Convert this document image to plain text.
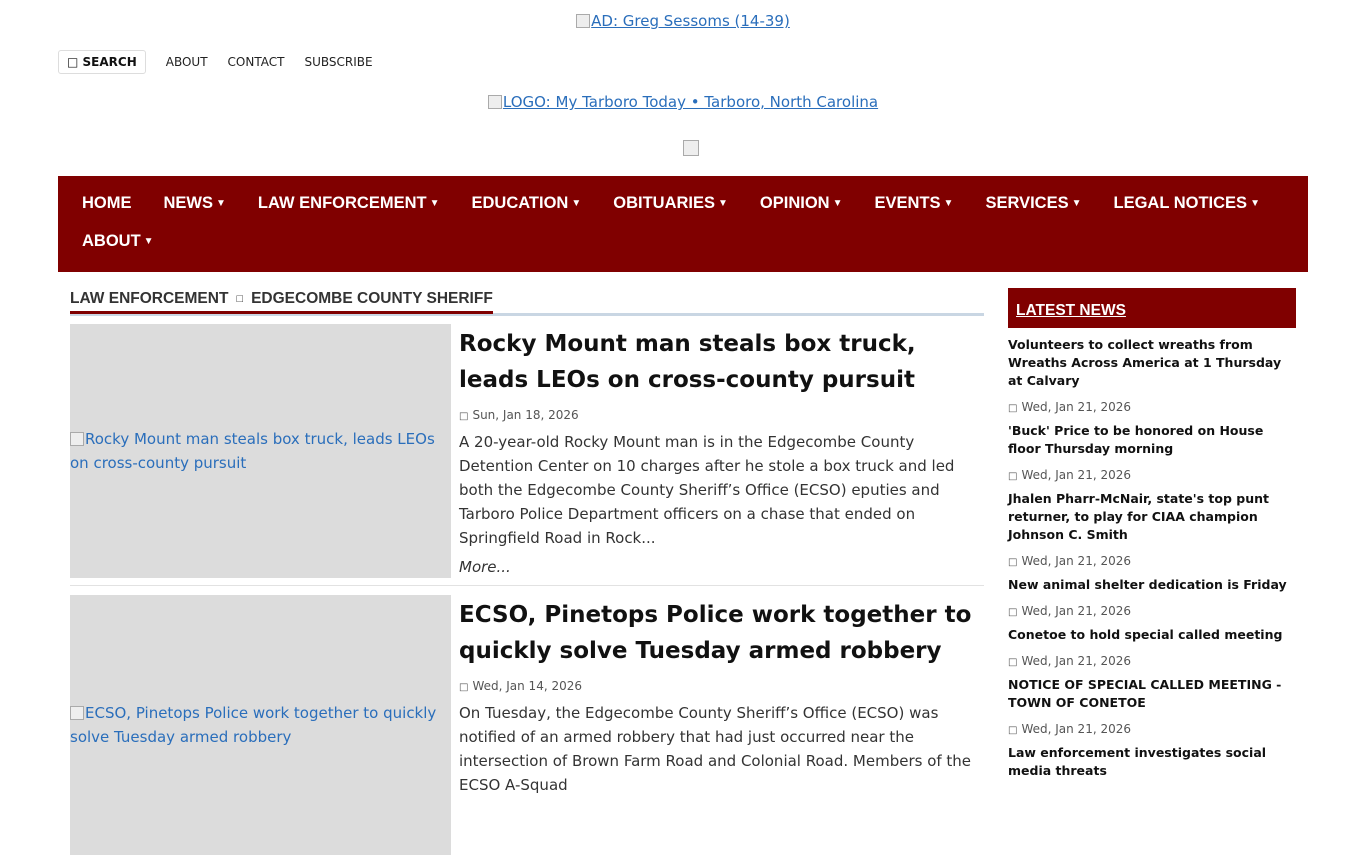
AD: Greg Sessoms (14-39)
□ SEARCH	ABOUT CONTACT SUBSCRIBE
LOGO: My Tarboro Today • Tarboro, North Carolina
HOME	NEWS ▼	LAW ENFORCEMENT ▼	EDUCATION ▼	OBITUARIES ▼	OPINION ▼	EVENTS ▼	SERVICES ▼	LEGAL NOTICES ▼
ABOUT ▼
LAW ENFORCEMENT □ EDGECOMBE COUNTY SHERIFF
Rocky Mount man steals box truck, leads LEOs on cross-county pursuit
Rocky Mount man steals box truck, leads LEOs on cross-county pursuit
□ Sun, Jan 18, 2026
A 20-year-old Rocky Mount man is in the Edgecombe County Detention Center on 10 charges after he stole a box truck and led both the Edgecombe County Sheriff’s Office (ECSO) eputies and Tarboro Police Department officers on a chase that ended on Springfield Road in Rock...
More...
ECSO, Pinetops Police work together to quickly solve Tuesday armed robbery
ECSO, Pinetops Police work together to quickly solve Tuesday armed robbery
□ Wed, Jan 14, 2026
On Tuesday, the Edgecombe County Sheriff’s Office (ECSO) was notified of an armed robbery that had just occurred near the intersection of Brown Farm Road and Colonial Road. Members of the ECSO A-Squad
LATEST NEWS
Volunteers to collect wreaths from Wreaths Across America at 1 Thursday at Calvary
□ Wed, Jan 21, 2026
'Buck' Price to be honored on House floor Thursday morning
□ Wed, Jan 21, 2026
Jhalen Pharr-McNair, state's top punt returner, to play for CIAA champion Johnson C. Smith
□ Wed, Jan 21, 2026
New animal shelter dedication is Friday
□ Wed, Jan 21, 2026
Conetoe to hold special called meeting
□ Wed, Jan 21, 2026
NOTICE OF SPECIAL CALLED MEETING - TOWN OF CONETOE
□ Wed, Jan 21, 2026
Law enforcement investigates social media threats
